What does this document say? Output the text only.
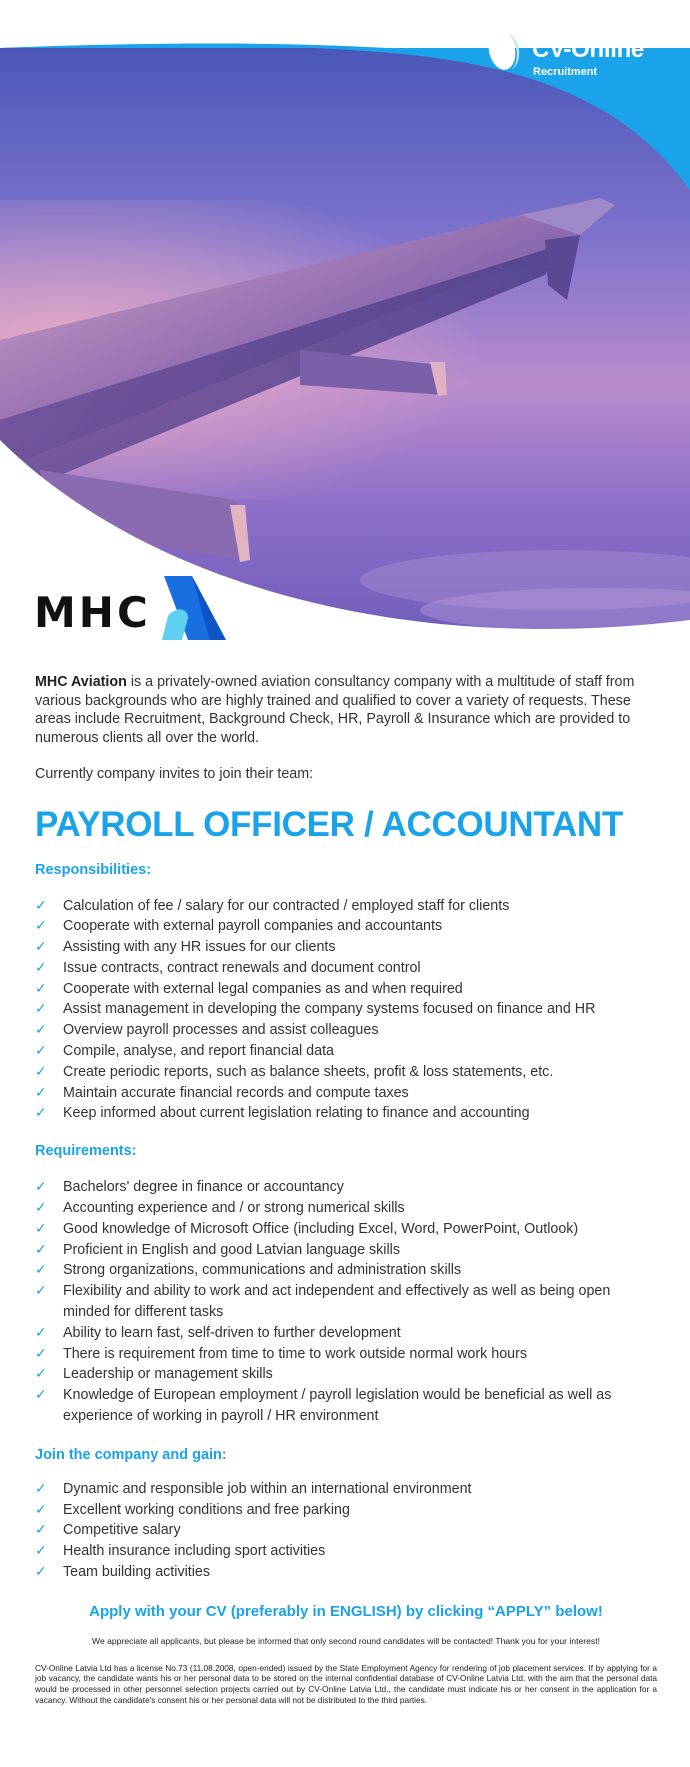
CV-Online
Recruitment
MHC

MHC Aviation is a privately-owned aviation consultancy company with a multitude of staff from various backgrounds who are highly trained and qualified to cover a variety of requests. These areas include Recruitment, Background Check, HR, Payroll & Insurance which are provided to numerous clients all over the world.

Currently company invites to join their team:

PAYROLL OFFICER / ACCOUNTANT
Responsibilities:
✓ Calculation of fee / salary for our contracted / employed staff for clients
✓ Cooperate with external payroll companies and accountants
✓ Assisting with any HR issues for our clients
✓ Issue contracts, contract renewals and document control
✓ Cooperate with external legal companies as and when required
✓ Assist management in developing the company systems focused on finance and HR
✓ Overview payroll processes and assist colleagues
✓ Compile, analyse, and report financial data
✓ Create periodic reports, such as balance sheets, profit & loss statements, etc.
✓ Maintain accurate financial records and compute taxes
✓ Keep informed about current legislation relating to finance and accounting
Requirements:
✓ Bachelors' degree in finance or accountancy
✓ Accounting experience and / or strong numerical skills
✓ Good knowledge of Microsoft Office (including Excel, Word, PowerPoint, Outlook)
✓ Proficient in English and good Latvian language skills
✓ Strong organizations, communications and administration skills
✓ Flexibility and ability to work and act independent and effectively as well as being open minded for different tasks
✓ Ability to learn fast, self-driven to further development
✓ There is requirement from time to time to work outside normal work hours
✓ Leadership or management skills
✓ Knowledge of European employment / payroll legislation would be beneficial as well as experience of working in payroll / HR environment
Join the company and gain:
✓ Dynamic and responsible job within an international environment
✓ Excellent working conditions and free parking
✓ Competitive salary
✓ Health insurance including sport activities
✓ Team building activities

Apply with your CV (preferably in ENGLISH) by clicking “APPLY” below!

We appreciate all applicants, but please be informed that only second round candidates will be contacted! Thank you for your interest!

CV-Online Latvia Ltd has a license No.73 (11.08.2008, open-ended) issued by the State Employment Agency for rendering of job placement services. If by applying for a job vacancy, the candidate wants his or her personal data to be stored on the internal confidential database of CV-Online Latvia Ltd. with the aim that the personal data would be processed in other personnel selection projects carried out by CV-Online Latvia Ltd., the candidate must indicate his or her consent in the application for a vacancy. Without the candidate's consent his or her personal data will not be distributed to the third parties.
